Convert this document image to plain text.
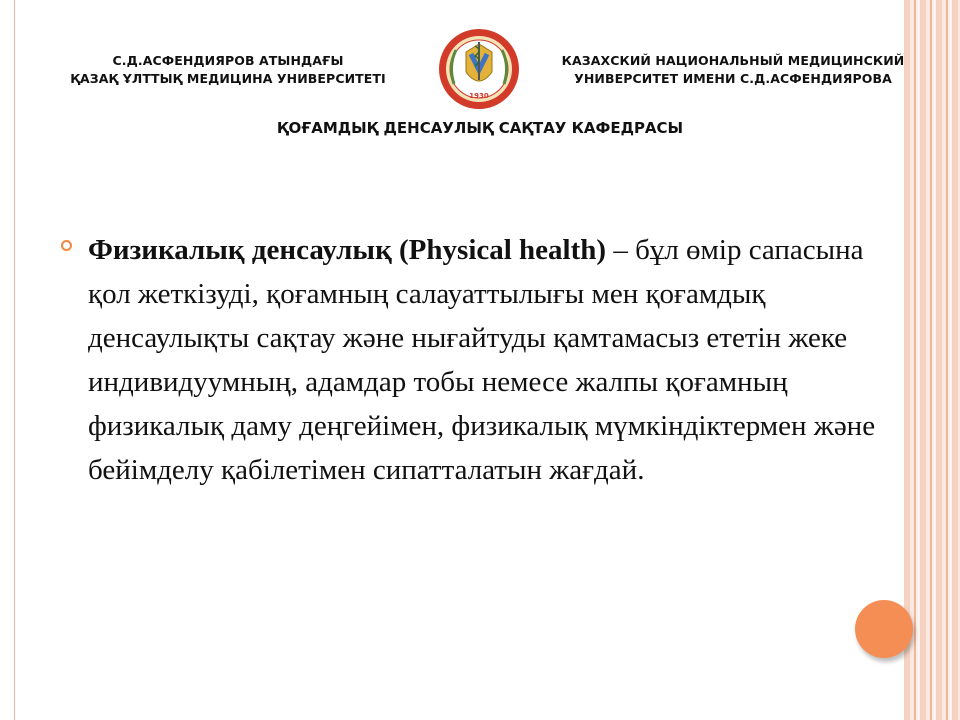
С.Д.АСФЕНДИЯРОВ АТЫНДАҒЫ
ҚАЗАҚ ҰЛТТЫҚ МЕДИЦИНА УНИВЕРСИТЕТІ
1930
КАЗАХСКИЙ НАЦИОНАЛЬНЫЙ МЕДИЦИНСКИЙ
УНИВЕРСИТЕТ ИМЕНИ С.Д.АСФЕНДИЯРОВА
ҚОҒАМДЫҚ ДЕНСАУЛЫҚ САҚТАУ КАФЕДРАСЫ
Физикалық денсаулық (Physical health) – бұл өмір сапасына қол жеткізуді, қоғамның салауаттылығы мен қоғамдық денсаулықты сақтау және нығайтуды қамтамасыз ететін жеке индивидуумның, адамдар тобы немесе жалпы қоғамның физикалық даму деңгейімен, физикалық мүмкіндіктермен және бейімделу қабілетімен сипатталатын жағдай.
